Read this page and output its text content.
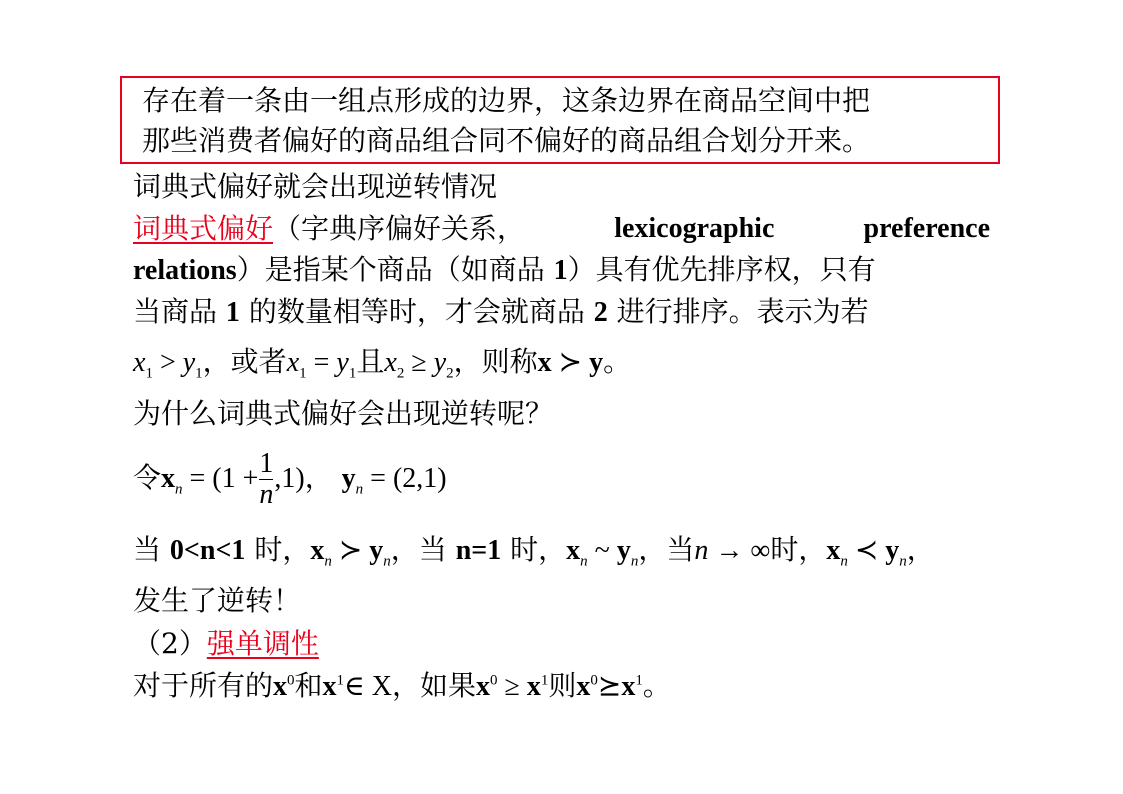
存在着一条由一组点形成的边界，这条边界在商品空间中把
那些消费者偏好的商品组合同不偏好的商品组合划分开来。
词典式偏好就会出现逆转情况
词典式偏好（字典序偏好关系，	lexicographic	preference
relations）是指某个商品（如商品 1）具有优先排序权，只有
当商品 1 的数量相等时，才会就商品 2 进行排序。表示为若
$x_1 > y_1$，或者$x_1 = y_1$且$x_2 \ge y_2$，则称x ≻ y。
为什么词典式偏好会出现逆转呢？
令$x_n = (1 + \frac{1}{n} ,1)$， $y_n = (2,1)$
当 0<n<1 时，$x_n$ ≻ $y_n$，当 n=1 时，$x_n$ ~ $y_n$，当n → ∞时，$x_n$ ≺ $y_n$，
发生了逆转！
（2）强单调性
对于所有的$x^0$和$x^1\in$ X，如果$x^0 \ge x^1$则$x^0⪰x^1$。
